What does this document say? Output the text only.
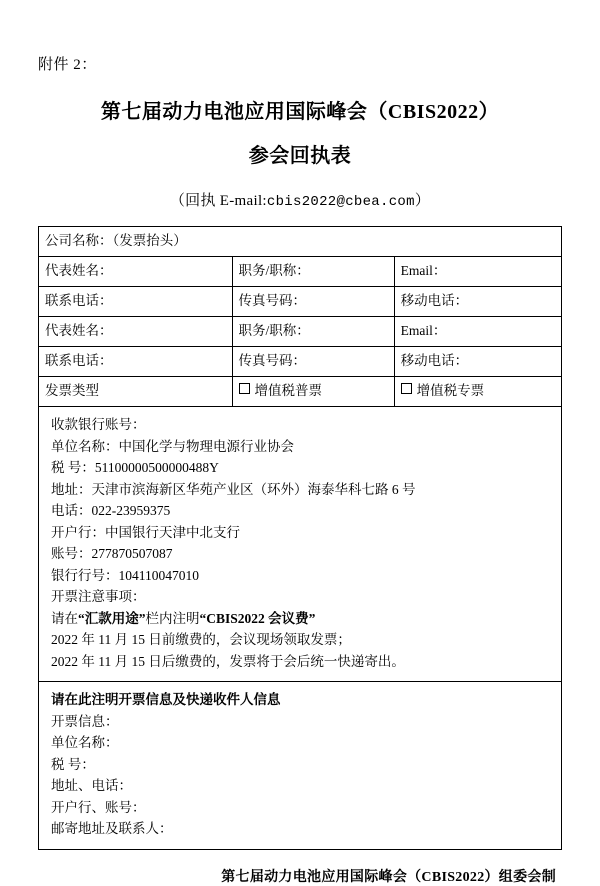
附件 2：
第七届动力电池应用国际峰会（CBIS2022）
参会回执表
（回执 E-mail:cbis2022@cbea.com）
公司名称：（发票抬头）		
代表姓名：	职务/职称：	Email：
联系电话：	传真号码：	移动电话：
代表姓名：	职务/职称：	Email：
联系电话：	传真号码：	移动电话：
发票类型	增值税普票	增值税专票

收款银行账号：
单位名称：中国化学与物理电源行业协会
税 号：51100000500000488Y
地址：天津市滨海新区华苑产业区（环外）海泰华科七路 6 号
电话：022-23959375
开户行：中国银行天津中北支行
账号：277870507087
银行行号：104110047010
开票注意事项：
请在“汇款用途”栏内注明“CBIS2022 会议费”
2022 年 11 月 15 日前缴费的，会议现场领取发票；
2022 年 11 月 15 日后缴费的，发票将于会后统一快递寄出。

请在此注明开票信息及快递收件人信息
开票信息：
单位名称：
税 号：
地址、电话：
开户行、账号：
邮寄地址及联系人：
第七届动力电池应用国际峰会（CBIS2022）组委会制
